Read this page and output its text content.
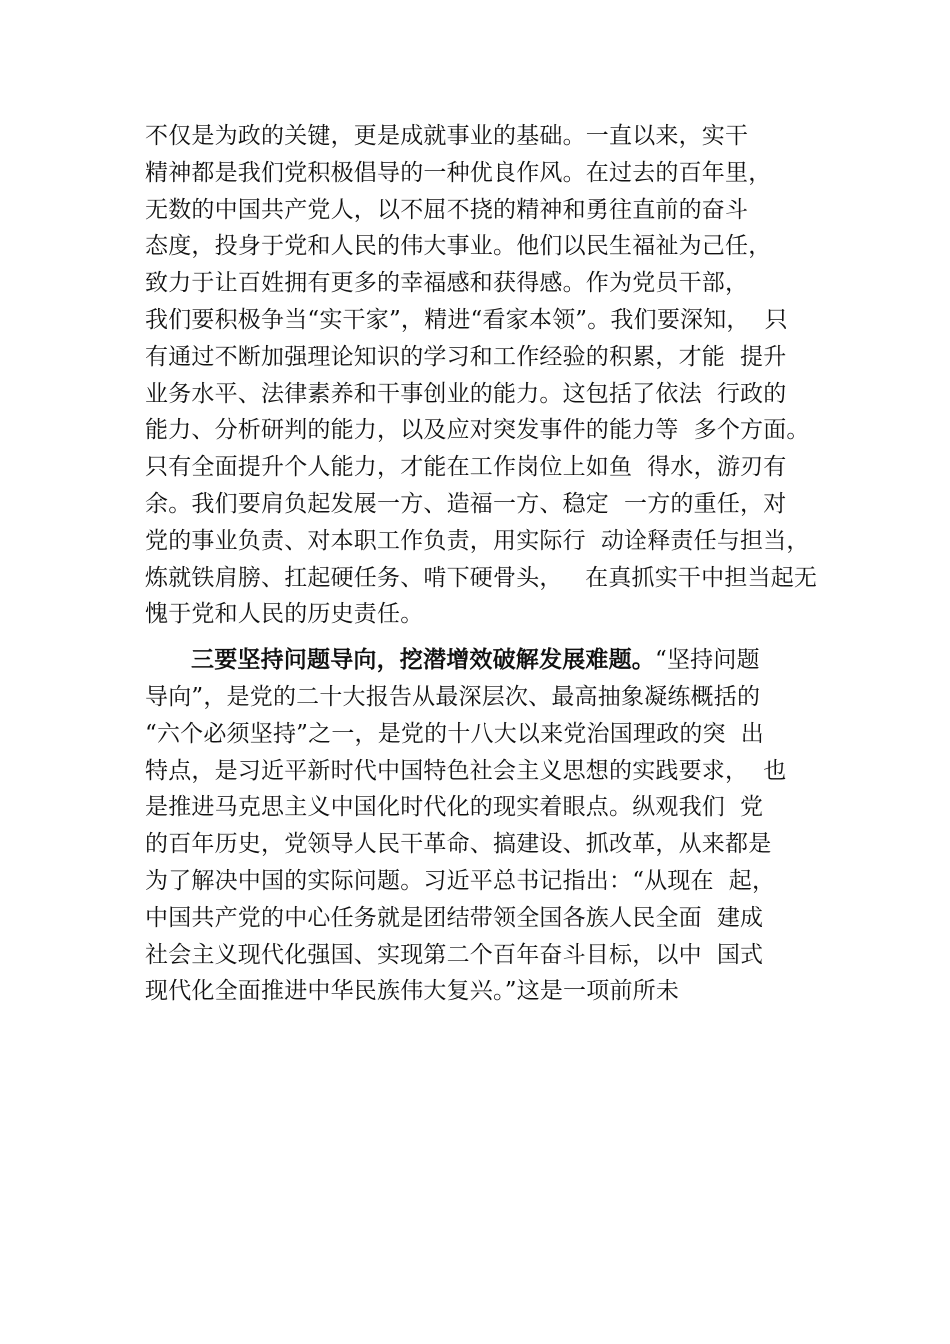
不仅是为政的关键，更是成就事业的基础。一直以来，实干
精神都是我们党积极倡导的一种优良作风。在过去的百年里，
无数的中国共产党人，以不屈不挠的精神和勇往直前的奋斗
态度，投身于党和人民的伟大事业。他们以民生福祉为己任，
致力于让百姓拥有更多的幸福感和获得感。作为党员干部，
我们要积极争当“实干家”，精进“看家本领”。我们要深知，  只
有通过不断加强理论知识的学习和工作经验的积累，才能  提升
业务水平、法律素养和干事创业的能力。这包括了依法  行政的
能力、分析研判的能力，以及应对突发事件的能力等  多个方面。
只有全面提升个人能力，才能在工作岗位上如鱼  得水，游刃有
余。我们要肩负起发展一方、造福一方、稳定  一方的重任，对
党的事业负责、对本职工作负责，用实际行  动诠释责任与担当，
炼就铁肩膀、扛起硬任务、啃下硬骨头，   在真抓实干中担当起无
愧于党和人民的历史责任。
三要坚持问题导向，挖潜增效破解发展难题。“坚持问题
导向”，是党的二十大报告从最深层次、最高抽象凝练概括的
“六个必须坚持”之一，是党的十八大以来党治国理政的突  出
特点，是习近平新时代中国特色社会主义思想的实践要求，  也
是推进马克思主义中国化时代化的现实着眼点。纵观我们  党
的百年历史，党领导人民干革命、搞建设、抓改革，从来都是
为了解决中国的实际问题。习近平总书记指出：“从现在  起，
中国共产党的中心任务就是团结带领全国各族人民全面  建成
社会主义现代化强国、实现第二个百年奋斗目标，以中  国式
现代化全面推进中华民族伟大复兴。”这是一项前所未
